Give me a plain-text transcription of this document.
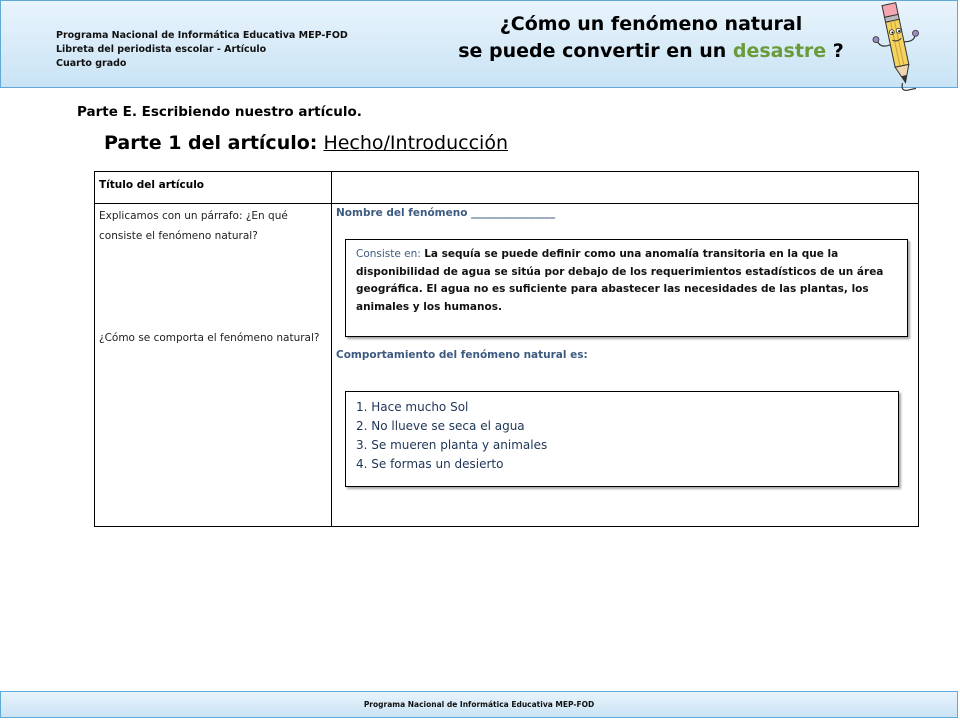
Programa Nacional de Informática Educativa MEP-FOD
Libreta del periodista escolar - Artículo
Cuarto grado
¿Cómo un fenómeno natural
se puede convertir en un desastre ?
Parte E. Escribiendo nuestro artículo.
Parte 1 del artículo: Hecho/Introducción
Título del artículo
Explicamos con un párrafo: ¿En qué consiste el fenómeno natural?
¿Cómo se comporta el fenómeno natural?
Nombre del fenómeno ________________
Consiste en: La sequía se puede definir como una anomalía transitoria en la que la disponibilidad de agua se sitúa por debajo de los requerimientos estadísticos de un área geográfica. El agua no es suficiente para abastecer las necesidades de las plantas, los animales y los humanos.
Comportamiento del fenómeno natural es:
1. Hace mucho Sol
2. No llueve se seca el agua
3. Se mueren planta y animales
4. Se formas un desierto
Programa Nacional de Informática Educativa MEP-FOD
